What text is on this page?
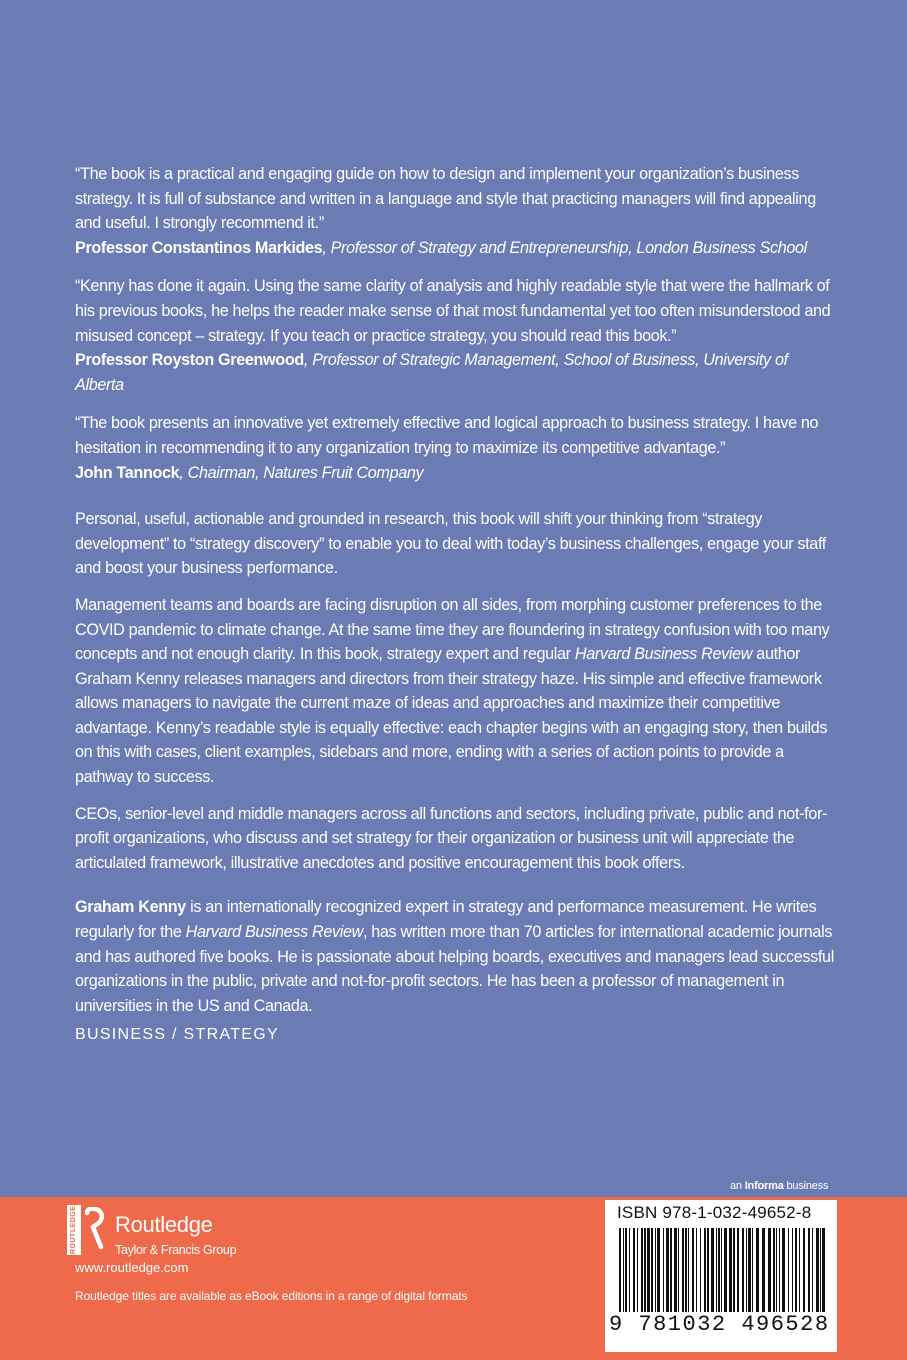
“The book is a practical and engaging guide on how to design and implement your organization’s business strategy. It is full of substance and written in a language and style that practicing managers will find appealing and useful. I strongly recommend it.”

Professor Constantinos Markides, Professor of Strategy and Entrepreneurship, London Business School

“Kenny has done it again. Using the same clarity of analysis and highly readable style that were the hallmark of his previous books, he helps the reader make sense of that most fundamental yet too often misunderstood and misused concept – strategy. If you teach or practice strategy, you should read this book.”

Professor Royston Greenwood, Professor of Strategic Management, School of Business, University of Alberta

“The book presents an innovative yet extremely effective and logical approach to business strategy. I have no hesitation in recommending it to any organization trying to maximize its competitive advantage.”

John Tannock, Chairman, Natures Fruit Company

Personal, useful, actionable and grounded in research, this book will shift your thinking from “strategy development” to “strategy discovery” to enable you to deal with today’s business challenges, engage your staff and boost your business performance.

Management teams and boards are facing disruption on all sides, from morphing customer preferences to the COVID pandemic to climate change. At the same time they are floundering in strategy confusion with too many concepts and not enough clarity. In this book, strategy expert and regular Harvard Business Review author Graham Kenny releases managers and directors from their strategy haze. His simple and effective framework allows managers to navigate the current maze of ideas and approaches and maximize their competitive advantage. Kenny’s readable style is equally effective: each chapter begins with an engaging story, then builds on this with cases, client examples, sidebars and more, ending with a series of action points to provide a pathway to success.

CEOs, senior-level and middle managers across all functions and sectors, including private, public and not-for-profit organizations, who discuss and set strategy for their organization or business unit will appreciate the articulated framework, illustrative anecdotes and positive encouragement this book offers.

Graham Kenny is an internationally recognized expert in strategy and performance measurement. He writes regularly for the Harvard Business Review, has written more than 70 articles for international academic journals and has authored five books. He is passionate about helping boards, executives and managers lead successful organizations in the public, private and not-for-profit sectors. He has been a professor of management in universities in the US and Canada.

BUSINESS / STRATEGY
an Informa business
ROUTLEDGE Routledge
Taylor & Francis Group
www.routledge.com
Routledge titles are available as eBook editions in a range of digital formats
ISBN 978-1-032-49652-8
9 781032 496528
